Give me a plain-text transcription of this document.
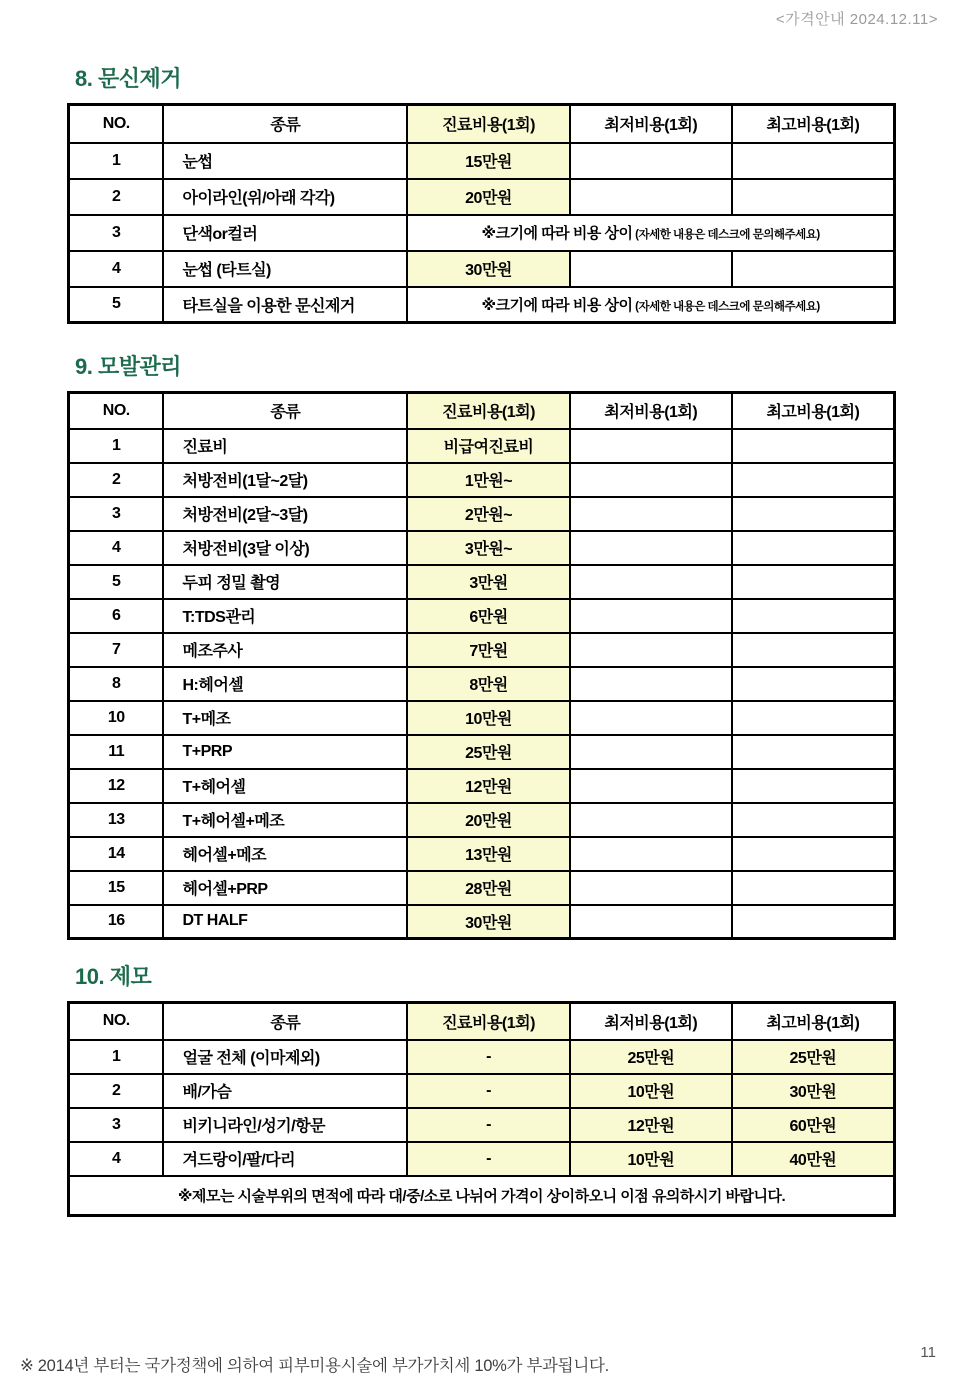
<가격안내 2024.12.11>
8. 문신제거
NO.	종류	진료비용(1회)	최저비용(1회)	최고비용(1회)
1	눈썹	15만원		
2	아이라인(위/아래 각각)	20만원		
3	단색or컬러	※크기에 따라 비용 상이 (자세한 내용은 데스크에 문의해주세요)		
4	눈썹 (타트실)	30만원		
5	타트실을 이용한 문신제거	※크기에 따라 비용 상이 (자세한 내용은 데스크에 문의해주세요)		
9. 모발관리
NO.	종류	진료비용(1회)	최저비용(1회)	최고비용(1회)
1	진료비	비급여진료비		
2	처방전비(1달~2달)	1만원~		
3	처방전비(2달~3달)	2만원~		
4	처방전비(3달 이상)	3만원~		
5	두피 정밀 촬영	3만원		
6	T:TDS관리	6만원		
7	메조주사	7만원		
8	H:헤어셀	8만원		
10	T+메조	10만원		
11	T+PRP	25만원		
12	T+헤어셀	12만원		
13	T+헤어셀+메조	20만원		
14	헤어셀+메조	13만원		
15	헤어셀+PRP	28만원		
16	DT HALF	30만원		
10. 제모
NO.	종류	진료비용(1회)	최저비용(1회)	최고비용(1회)
1	얼굴 전체 (이마제외)	-	25만원	25만원
2	배/가슴	-	10만원	30만원
3	비키니라인/성기/항문	-	12만원	60만원
4	겨드랑이/팔/다리	-	10만원	40만원
※제모는 시술부위의 면적에 따라 대/중/소로 나뉘어 가격이 상이하오니 이점 유의하시기 바랍니다.				
※ 2014년 부터는 국가정책에 의하여 피부미용시술에 부가가치세 10%가 부과됩니다.
11
